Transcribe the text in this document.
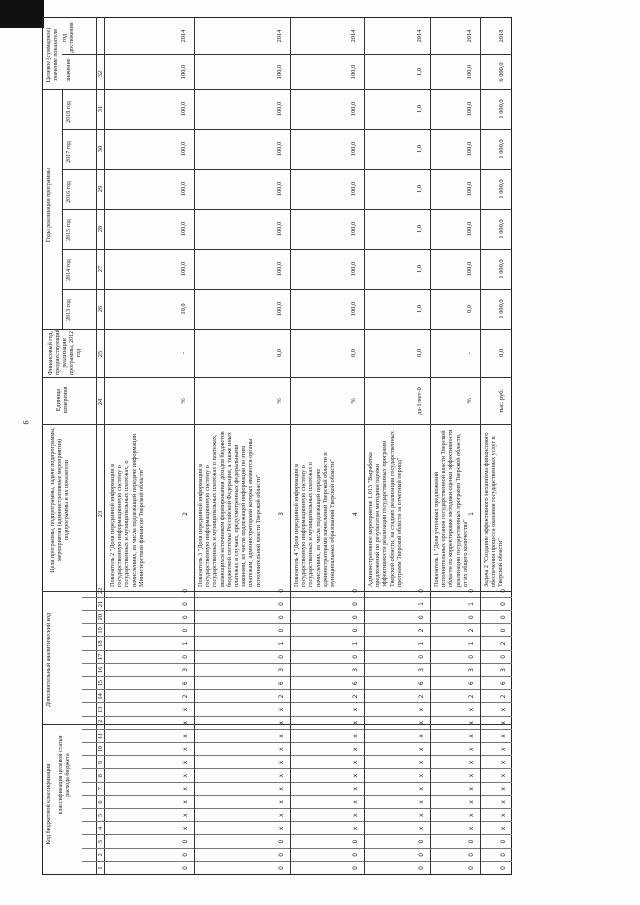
6
Код бюджетной классификации классификация целевой статьи расхода бюджета
Дополнительный аналитический код
Цели программы, подпрограммы, задачи подпрограммы, мероприятия (административные мероприятия) подпрограммы и их показатели
Единица измерения
Финансовый год, предшествующий реализации программы, 2012 год
Годы реализации программы
2013 год
2014 год
2015 год
2016 год
2017 год
2018 год
Целевое (суммарное) значение показателя значение
год достижения
1
2
3
4
5
6
7
8
9
10
11
12
13
14
15
16
17
18
19
20
21
22
23
24
25
26
27
28
29
30
31
32
0
0
0
x
x
x
x
x
x
x
x
x
x
2
6
3
0
1
0
0
0
0
2
Показатель 2 "Доля переданной информации в государственную информационную систему о государственных и муниципальных платежах, о начислениях, из числа подлежащей передаче информации Министерством финансов Тверской области"
%
-
10,0
100,0
100,0
100,0
100,0
100,0
100,0
2014
0
0
0
x
x
x
x
x
x
x
x
x
x
2
6
3
0
1
0
0
0
0
3
Показатель 3 "Доля переданной информации в государственную информационную систему о государственных и муниципальных платежах о платежах, являющихся источником формирования доходов бюджетов бюджетной системы Российской Федерации, а также иных платежах в случаях, предусмотренных федеральными законами, из числа подлежащей информации по этим платежам, администраторами которых являются органы исполнительной власти Тверской области"
%
0,0
100,0
100,0
100,0
100,0
100,0
100,0
100,0
2014
0
0
0
x
x
x
x
x
x
x
x
x
x
2
6
3
0
1
0
0
0
0
4
Показатель 4 "Доля переданной информации в государственную информационную систему о государственных и муниципальных платежах о начислениях, из числа подлежащей передаче администраторами начислений Тверской области и муниципальных образований Тверской области"
%
0,0
100,0
100,0
100,0
100,0
100,0
100,0
100,0
2014
0
0
0
x
x
x
x
x
x
x
x
x
x
2
6
3
0
1
2
0
1
0
Административное мероприятие 1.013 "Выработка предложений по результатам методики оценки эффективности реализации государственных программ Тверской области, на стадиях реализации государственных программ Тверской области за отчетный период"
да-1/нет-0
0,0
1,0
1,0
1,0
1,0
1,0
1,0
1,0
2014
0
0
0
x
x
x
x
x
x
x
x
x
x
2
6
3
0
1
2
0
1
0
1
Показатель 1 "Доля учтенных предложений исполнительных органов государственной власти Тверской области по корректировке методики оценки эффективности реализации государственных программ Тверской области, от их общего количества"
%
-
0,0
100,0
100,0
100,0
100,0
100,0
100,0
2014
0
0
0
x
x
x
x
x
x
x
x
x
x
2
6
3
0
2
0
0
0
0
Задача 2 "Создание эффективного механизма финансового обеспечения процесса оказания государственных услуг в Тверской области"
тыс. руб.
0,0
1 000,0
1 000,0
1 000,0
1 000,0
1 000,0
1 000,0
6 000,0
2018
